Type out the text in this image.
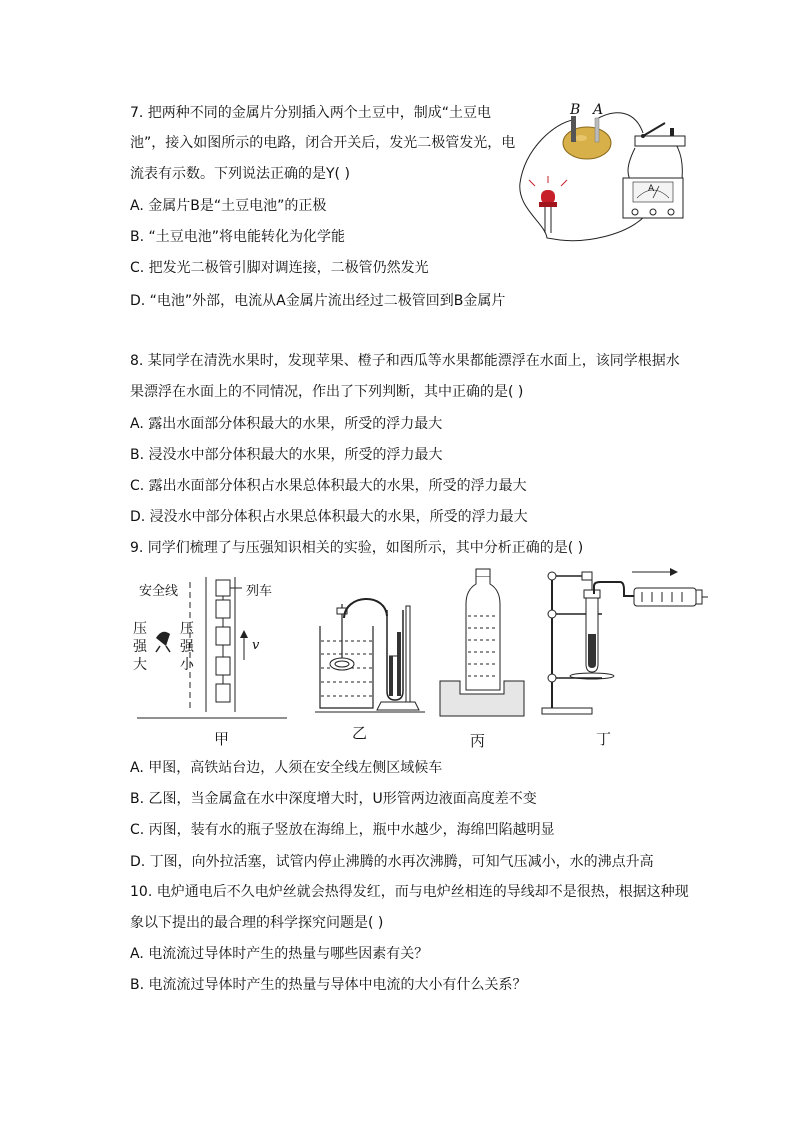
7. 把两种不同的金属片分别插入两个土豆中，制成“土豆电
池”，接入如图所示的电路，闭合开关后，发光二极管发光，电
流表有示数。下列说法正确的是Y( )
A. 金属片B是“土豆电池”的正极
B. “土豆电池”将电能转化为化学能
C. 把发光二极管引脚对调连接，二极管仍然发光
D. “电池”外部，电流从A金属片流出经过二极管回到B金属片
B A
A
8. 某同学在清洗水果时，发现苹果、橙子和西瓜等水果都能漂浮在水面上，该同学根据水
果漂浮在水面上的不同情况，作出了下列判断，其中正确的是( )
A. 露出水面部分体积最大的水果，所受的浮力最大
B. 浸没水中部分体积最大的水果，所受的浮力最大
C. 露出水面部分体积占水果总体积最大的水果，所受的浮力最大
D. 浸没水中部分体积占水果总体积最大的水果，所受的浮力最大
9. 同学们梳理了与压强知识相关的实验，如图所示，其中分析正确的是( )
安全线	列车
压
强
大
压
强
小
v
甲	乙	丙	丁
A. 甲图，高铁站台边，人须在安全线左侧区域候车
B. 乙图，当金属盒在水中深度增大时，U形管两边液面高度差不变
C. 丙图，装有水的瓶子竖放在海绵上，瓶中水越少，海绵凹陷越明显
D. 丁图，向外拉活塞，试管内停止沸腾的水再次沸腾，可知气压减小，水的沸点升高
10. 电炉通电后不久电炉丝就会热得发红，而与电炉丝相连的导线却不是很热，根据这种现
象以下提出的最合理的科学探究问题是( )
A. 电流流过导体时产生的热量与哪些因素有关？
B. 电流流过导体时产生的热量与导体中电流的大小有什么关系？
